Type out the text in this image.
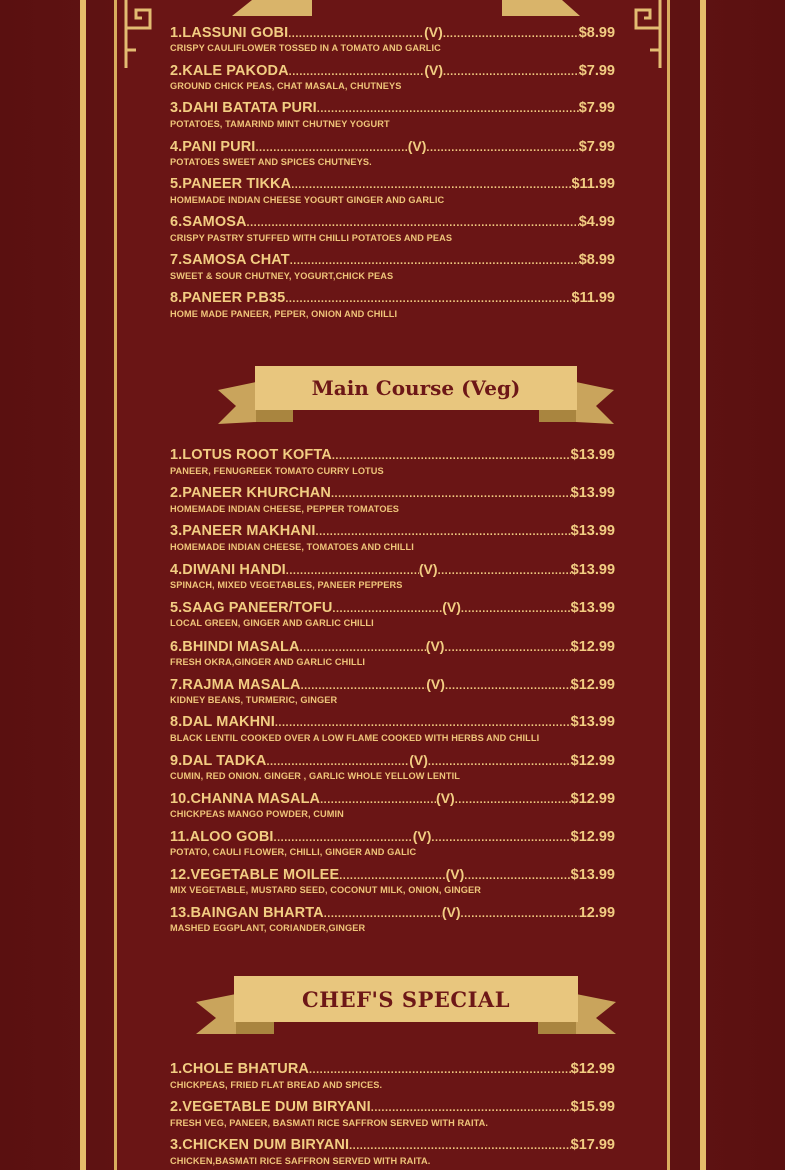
1.LASSUNI GOBI .....	(V) .....	$8.99
CRISPY CAULIFLOWER TOSSED IN A TOMATO AND GARLIC
2.KALE PAKODA .....	(V) .....	$7.99
GROUND CHICK PEAS, CHAT MASALA, CHUTNEYS
3.DAHI BATATA PURI .....	$7.99
POTATOES, TAMARIND MINT CHUTNEY YOGURT
4.PANI PURI .....	(V) .....	$7.99
POTATOES SWEET AND SPICES CHUTNEYS.
5.PANEER TIKKA .....	$11.99
HOMEMADE INDIAN CHEESE YOGURT GINGER AND GARLIC
6.SAMOSA .....	$4.99
CRISPY PASTRY STUFFED WITH CHILLI POTATOES AND PEAS
7.SAMOSA CHAT .....	$8.99
SWEET & SOUR CHUTNEY, YOGURT,CHICK PEAS
8.PANEER P.B35 .....	$11.99
HOME MADE PANEER, PEPER, ONION AND CHILLI
Main Course (Veg)
1.LOTUS ROOT KOFTA .....	$13.99
PANEER, FENUGREEK TOMATO CURRY LOTUS
2.PANEER KHURCHAN .....	$13.99
HOMEMADE INDIAN CHEESE, PEPPER TOMATOES
3.PANEER MAKHANI .....	$13.99
HOMEMADE INDIAN CHEESE, TOMATOES AND CHILLI
4.DIWANI HANDI .....	(V) .....	$13.99
SPINACH, MIXED VEGETABLES, PANEER PEPPERS
5.SAAG PANEER/TOFU .....	(V) .....	$13.99
LOCAL GREEN, GINGER AND GARLIC CHILLI
6.BHINDI MASALA .....	(V) .....	$12.99
FRESH OKRA,GINGER AND GARLIC CHILLI
7.RAJMA MASALA .....	(V) .....	$12.99
KIDNEY BEANS, TURMERIC, GINGER
8.DAL MAKHNI .....	$13.99
BLACK LENTIL COOKED OVER A LOW FLAME COOKED WITH HERBS AND CHILLI
9.DAL TADKA .....	(V) .....	$12.99
CUMIN, RED ONION. GINGER , GARLIC WHOLE YELLOW LENTIL
10.CHANNA MASALA .....	(V) .....	$12.99
CHICKPEAS MANGO POWDER, CUMIN
11.ALOO GOBI .....	(V) .....	$12.99
POTATO, CAULI FLOWER, CHILLI, GINGER AND GALIC
12.VEGETABLE MOILEE .....	(V) .....	$13.99
MIX VEGETABLE, MUSTARD SEED, COCONUT MILK, ONION, GINGER
13.BAINGAN BHARTA .....	(V) .....	12.99
MASHED EGGPLANT, CORIANDER,GINGER
CHEF'S SPECIAL
1.CHOLE BHATURA .....	$12.99
CHICKPEAS, FRIED FLAT BREAD AND SPICES.
2.VEGETABLE DUM BIRYANI .....	$15.99
FRESH VEG, PANEER, BASMATI RICE SAFFRON SERVED WITH RAITA.
3.CHICKEN DUM BIRYANI .....	$17.99
CHICKEN,BASMATI RICE SAFFRON SERVED WITH RAITA.
